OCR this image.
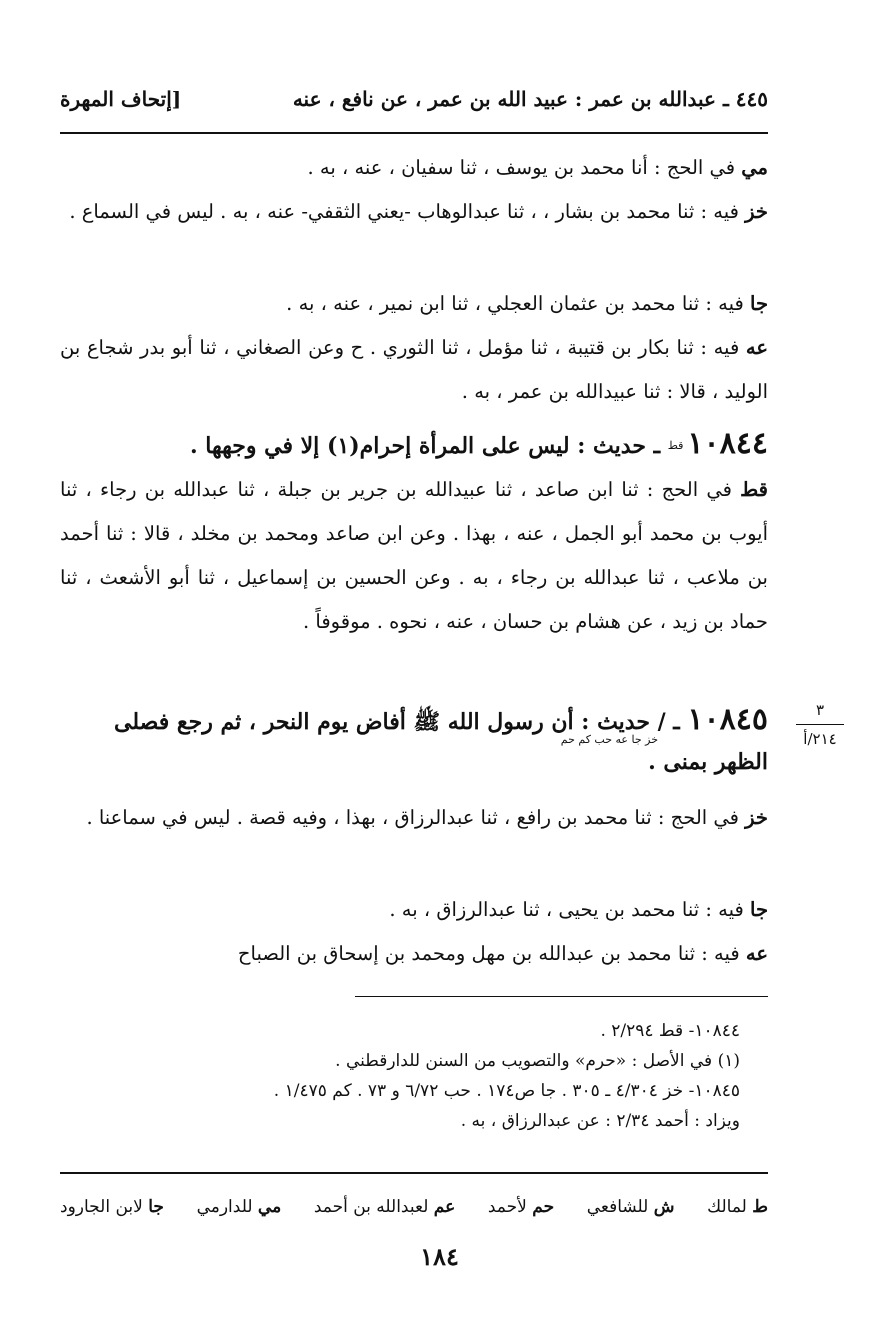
٤٤٥ ـ عبدالله بن عمر : عبيد الله بن عمر ، عن نافع ، عنه
[إتحاف المهرة
مي في الحج : أنا محمد بن يوسف ، ثنا سفيان ، عنه ، به .
خز فيه : ثنا محمد بن بشار ، ، ثنا عبدالوهاب -يعني الثقفي- عنه ، به . ليس في السماع .
جا فيه : ثنا محمد بن عثمان العجلي ، ثنا ابن نمير ، عنه ، به .
عه فيه : ثنا بكار بن قتيبة ، ثنا مؤمل ، ثنا الثوري . ح وعن الصغاني ، ثنا أبو بدر شجاع بن الوليد ، قالا : ثنا عبيدالله بن عمر ، به .
١٠٨٤٤قط ـ حديث : ليس على المرأة إحرام(١) إلا في وجهها .
قط في الحج : ثنا ابن صاعد ، ثنا عبيدالله بن جرير بن جبلة ، ثنا عبدالله بن رجاء ، ثنا أيوب بن محمد أبو الجمل ، عنه ، بهذا . وعن ابن صاعد ومحمد بن مخلد ، قالا : ثنا أحمد بن ملاعب ، ثنا عبدالله بن رجاء ، به . وعن الحسين بن إسماعيل ، ثنا أبو الأشعث ، ثنا حماد بن زيد ، عن هشام بن حسان ، عنه ، نحوه . موقوفاً .
١٠٨٤٥ ـ / حديث : أن رسول الله ﷺ أفاض يوم النحر ، ثم رجع فصلى الظهر بمنى .
خز جا عه حب كم حم
٣
٢١٤/أ
خز في الحج : ثنا محمد بن رافع ، ثنا عبدالرزاق ، بهذا ، وفيه قصة . ليس في سماعنا .
جا فيه : ثنا محمد بن يحيى ، ثنا عبدالرزاق ، به .
عه فيه : ثنا محمد بن عبدالله بن مهل ومحمد بن إسحاق بن الصباح
١٠٨٤٤- قط ٢/٢٩٤ .
(١) في الأصل : «حرم» والتصويب من السنن للدارقطني .
١٠٨٤٥- خز ٤/٣٠٤ ـ ٣٠٥ . جا ص١٧٤ . حب ٦/٧٢ و ٧٣ . كم ١/٤٧٥ .
ويزاد : أحمد ٢/٣٤ : عن عبدالرزاق ، به .
ط لمالك
ش للشافعي
حم لأحمد
عم لعبدالله بن أحمد
مي للدارمي
جا لابن الجارود
١٨٤
